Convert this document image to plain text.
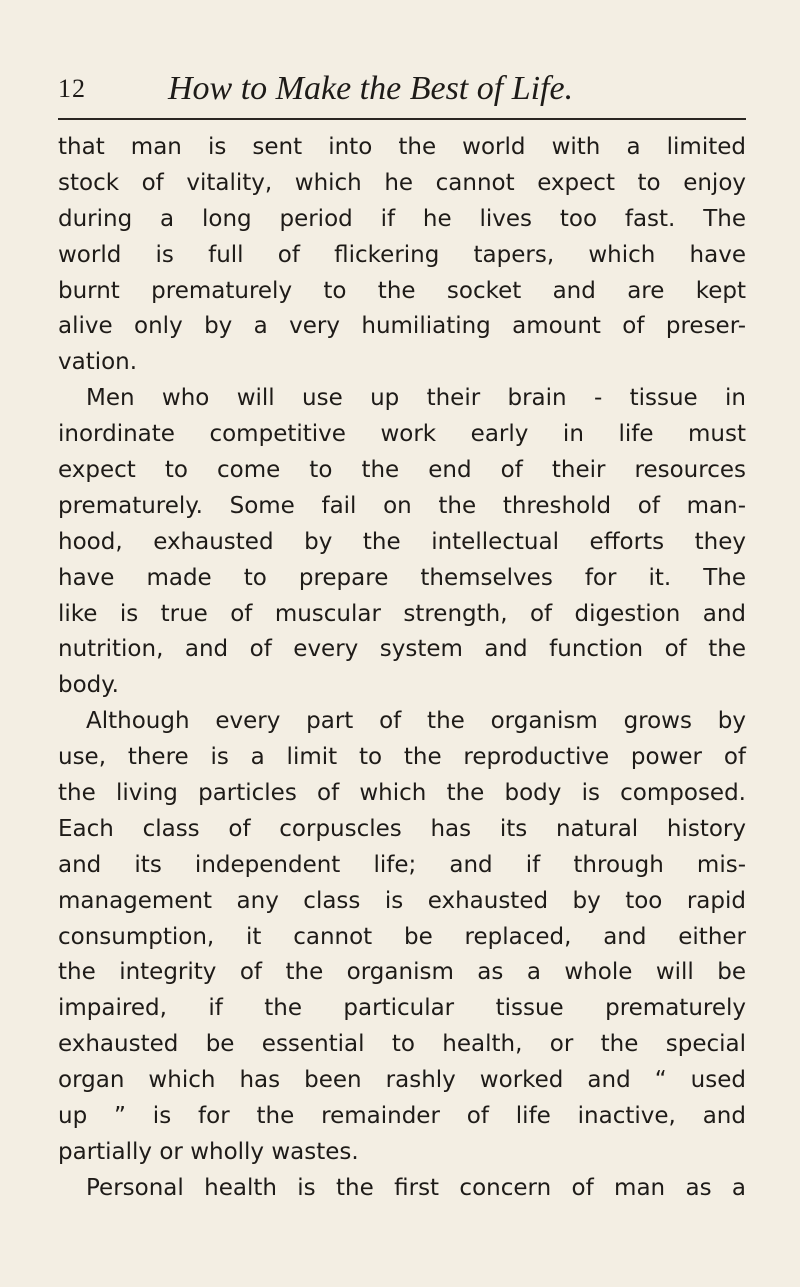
12 How to Make the Best of Life.
that man is sent into the world with a limited
stock of vitality, which he cannot expect to enjoy
during a long period if he lives too fast. The
world is full of flickering tapers, which have
burnt prematurely to the socket and are kept
alive only by a very humiliating amount of preser-
vation.
Men who will use up their brain - tissue in
inordinate competitive work early in life must
expect to come to the end of their resources
prematurely. Some fail on the threshold of man-
hood, exhausted by the intellectual efforts they
have made to prepare themselves for it. The
like is true of muscular strength, of digestion and
nutrition, and of every system and function of the
body.
Although every part of the organism grows by
use, there is a limit to the reproductive power of
the living particles of which the body is composed.
Each class of corpuscles has its natural history
and its independent life; and if through mis-
management any class is exhausted by too rapid
consumption, it cannot be replaced, and either
the integrity of the organism as a whole will be
impaired, if the particular tissue prematurely
exhausted be essential to health, or the special
organ which has been rashly worked and “ used
up ” is for the remainder of life inactive, and
partially or wholly wastes.
Personal health is the first concern of man as a
